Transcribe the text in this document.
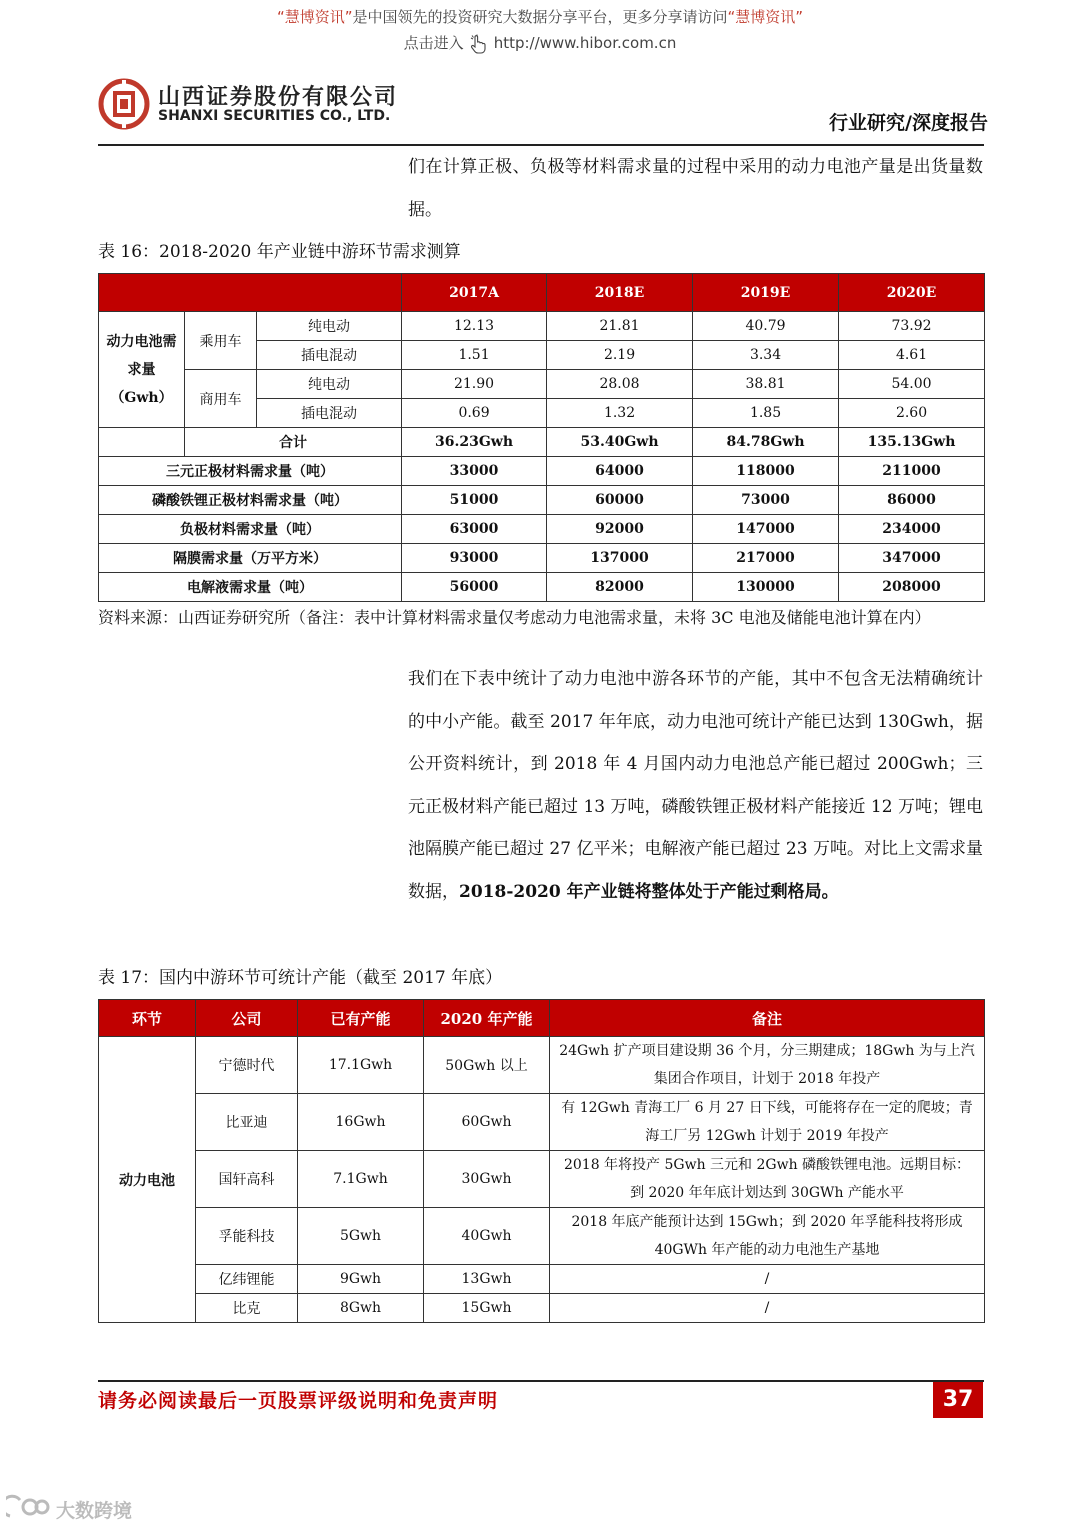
“慧博资讯”是中国领先的投资研究大数据分享平台，更多分享请访问“慧博资讯”
点击进入 http://www.hibor.com.cn
山西证券股份有限公司
SHANXI SECURITIES CO., LTD.	行业研究/深度报告
们在计算正极、负极等材料需求量的过程中采用的动力电池产量是出货量数据。
表 16：2018-2020 年产业链中游环节需求测算
			2017A	2018E	2019E	2020E
动力电池需求量（Gwh）	乘用车	纯电动	12.13	21.81	40.79	73.92
		插电混动	1.51	2.19	3.34	4.61
	商用车	纯电动	21.90	28.08	38.81	54.00
		插电混动	0.69	1.32	1.85	2.60
	合计		36.23Gwh	53.40Gwh	84.78Gwh	135.13Gwh
三元正极材料需求量（吨）			33000	64000	118000	211000
磷酸铁锂正极材料需求量（吨）			51000	60000	73000	86000
负极材料需求量（吨）			63000	92000	147000	234000
隔膜需求量（万平方米）			93000	137000	217000	347000
电解液需求量（吨）			56000	82000	130000	208000
资料来源：山西证券研究所（备注：表中计算材料需求量仅考虑动力电池需求量，未将 3C 电池及储能电池计算在内）
我们在下表中统计了动力电池中游各环节的产能，其中不包含无法精确统计的中小产能。截至 2017 年年底，动力电池可统计产能已达到 130Gwh，据公开资料统计，到 2018 年 4 月国内动力电池总产能已超过 200Gwh；三元正极材料产能已超过 13 万吨，磷酸铁锂正极材料产能接近 12 万吨；锂电池隔膜产能已超过 27 亿平米；电解液产能已超过 23 万吨。对比上文需求量数据，2018-2020 年产业链将整体处于产能过剩格局。
表 17：国内中游环节可统计产能（截至 2017 年底）
环节	公司	已有产能	2020 年产能	备注
动力电池	宁德时代	17.1Gwh	50Gwh 以上	24Gwh 扩产项目建设期 36 个月，分三期建成；18Gwh 为与上汽集团合作项目，计划于 2018 年投产
	比亚迪	16Gwh	60Gwh	有 12Gwh 青海工厂 6 月 27 日下线，可能将存在一定的爬坡；青海工厂另 12Gwh 计划于 2019 年投产
	国轩高科	7.1Gwh	30Gwh	2018 年将投产 5Gwh 三元和 2Gwh 磷酸铁锂电池。远期目标：到 2020 年年底计划达到 30GWh 产能水平
	孚能科技	5Gwh	40Gwh	2018 年底产能预计达到 15Gwh；到 2020 年孚能科技将形成 40GWh 年产能的动力电池生产基地
	亿纬锂能	9Gwh	13Gwh	/
	比克	8Gwh	15Gwh	/
请务必阅读最后一页股票评级说明和免责声明	37
大数跨境
